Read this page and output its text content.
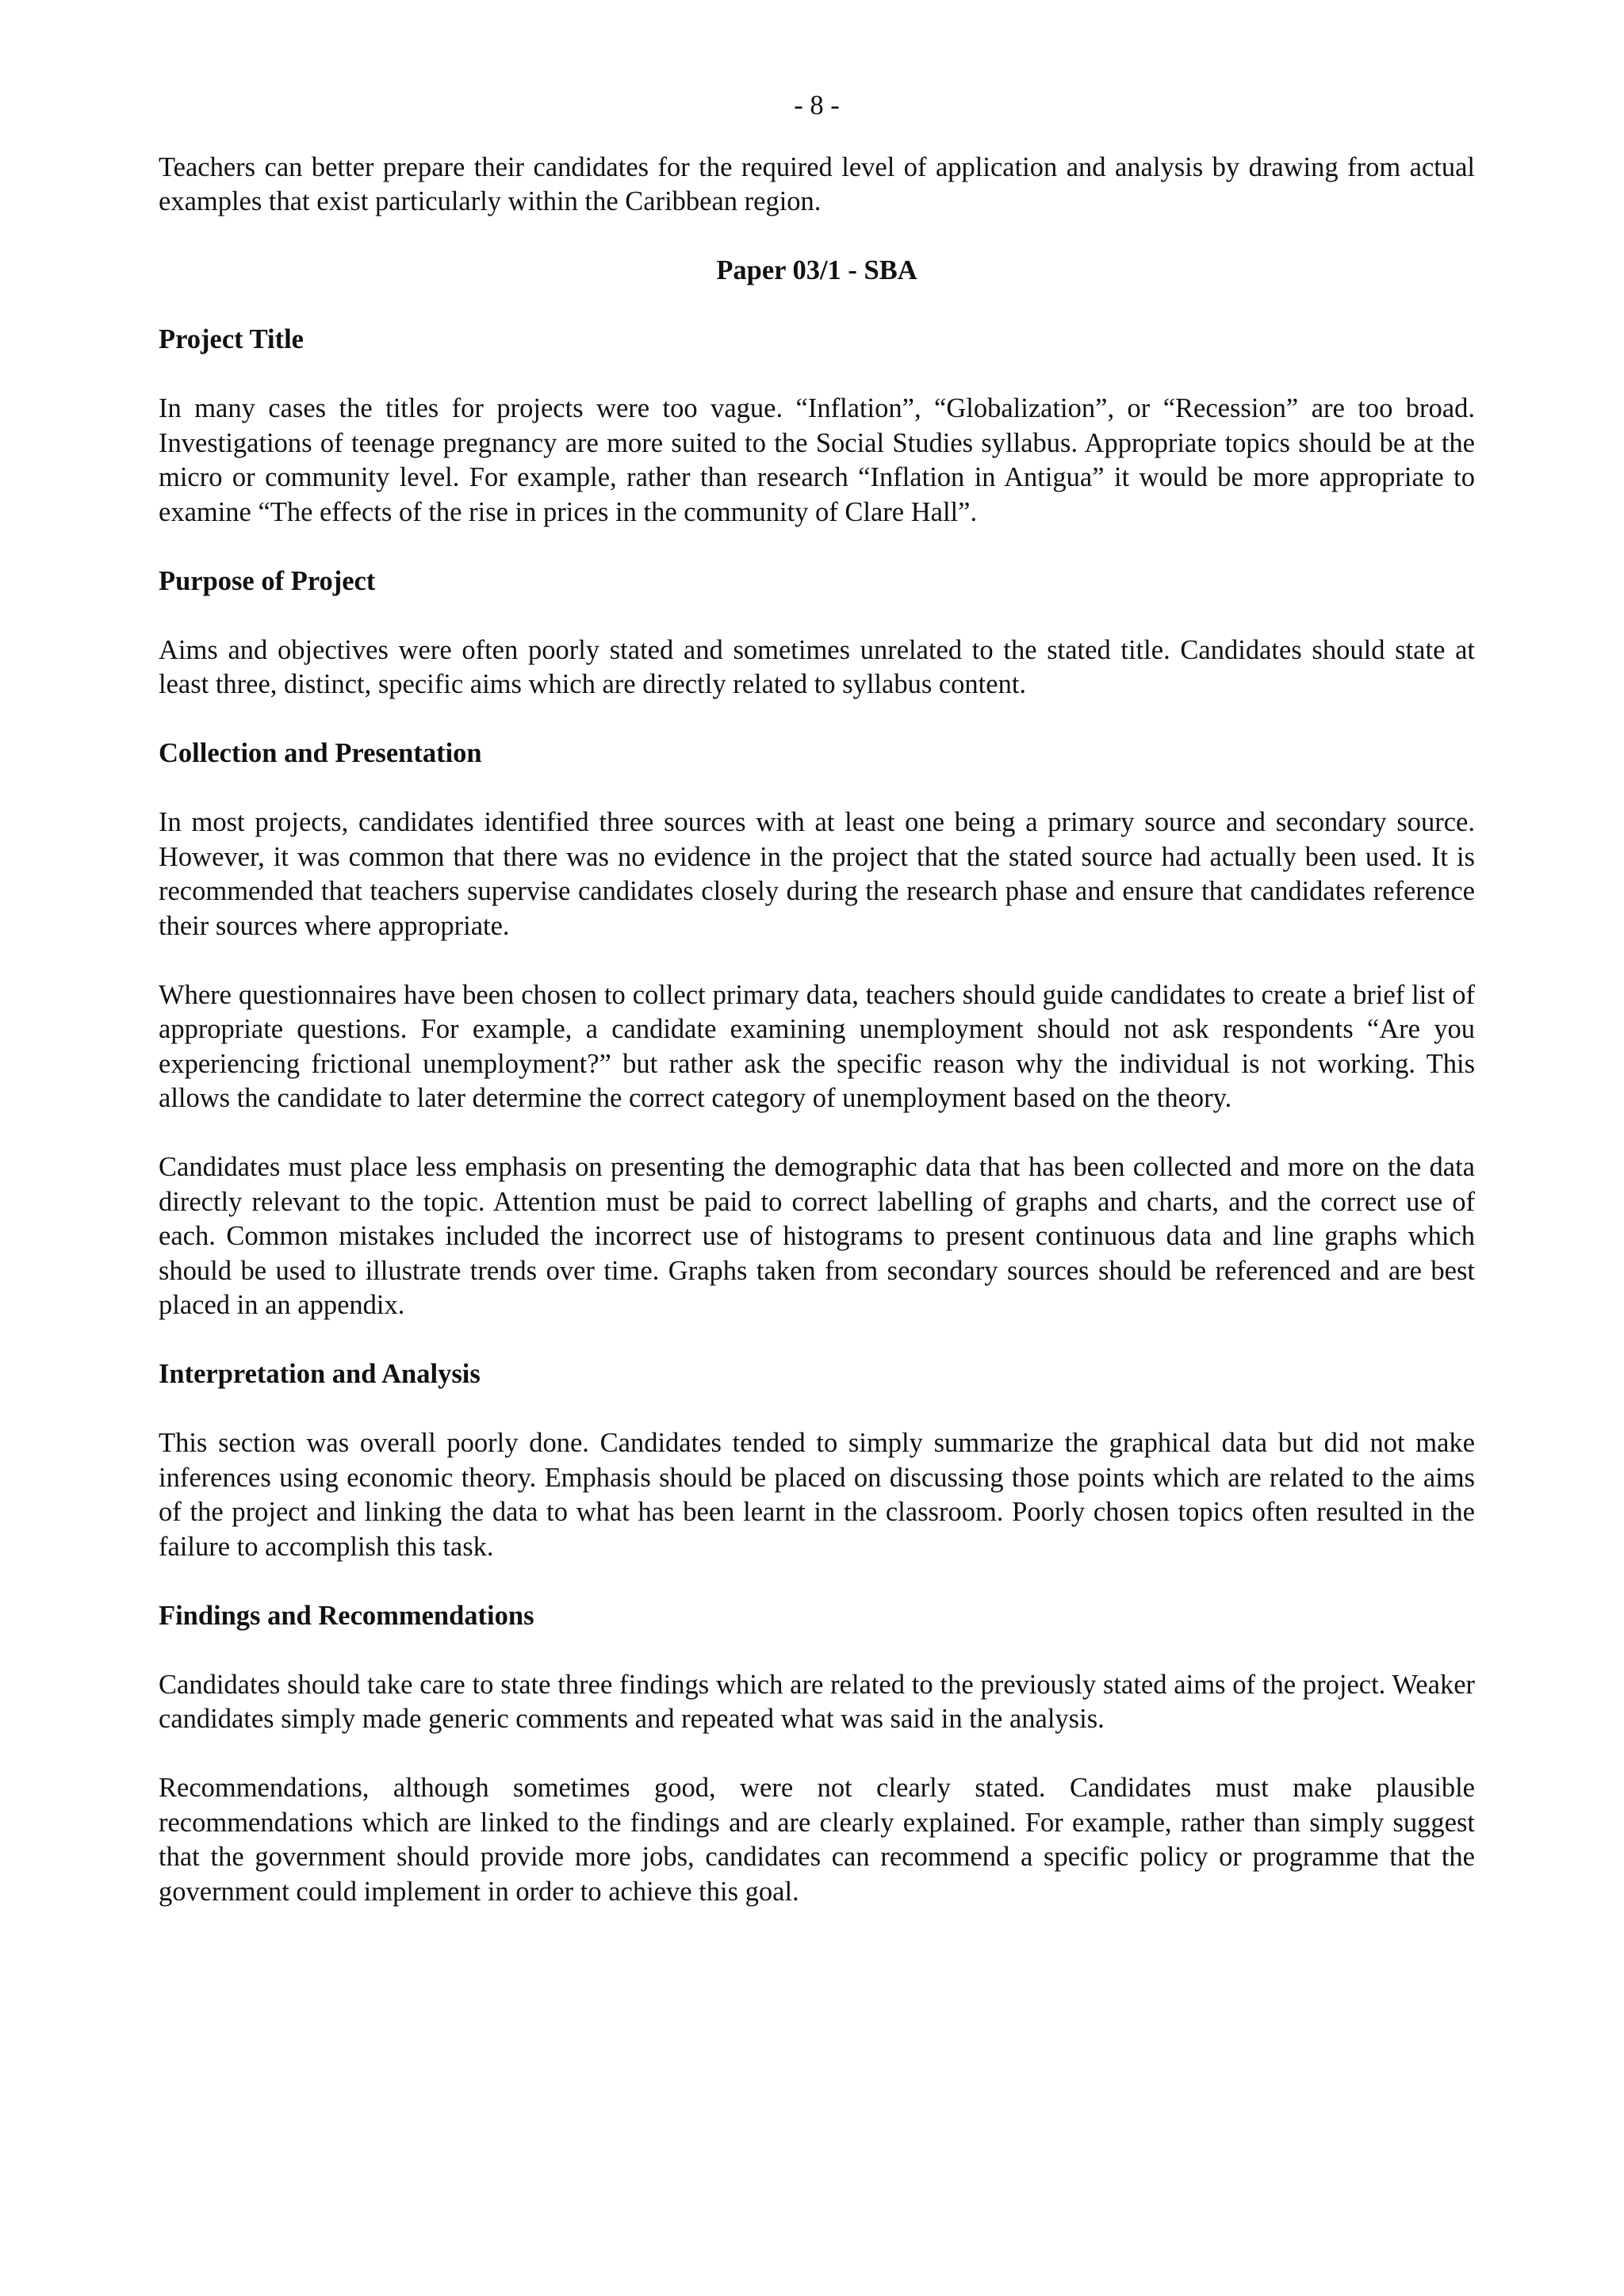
- 8 -

Teachers can better prepare their candidates for the required level of application and analysis by drawing from actual examples that exist particularly within the Caribbean region.

Paper 03/1 - SBA
Project Title

In many cases the titles for projects were too vague. “Inflation”, “Globalization”, or “Recession” are too broad. Investigations of teenage pregnancy are more suited to the Social Studies syllabus. Appropriate topics should be at the micro or community level. For example, rather than research “Inflation in Antigua” it would be more appropriate to examine “The effects of the rise in prices in the community of Clare Hall”.

Purpose of Project

Aims and objectives were often poorly stated and sometimes unrelated to the stated title. Candidates should state at least three, distinct, specific aims which are directly related to syllabus content.

Collection and Presentation

In most projects, candidates identified three sources with at least one being a primary source and secondary source. However, it was common that there was no evidence in the project that the stated source had actually been used. It is recommended that teachers supervise candidates closely during the research phase and ensure that candidates reference their sources where appropriate.

Where questionnaires have been chosen to collect primary data, teachers should guide candidates to create a brief list of appropriate questions. For example, a candidate examining unemployment should not ask respondents “Are you experiencing frictional unemployment?” but rather ask the specific reason why the individual is not working. This allows the candidate to later determine the correct category of unemployment based on the theory.

Candidates must place less emphasis on presenting the demographic data that has been collected and more on the data directly relevant to the topic. Attention must be paid to correct labelling of graphs and charts, and the correct use of each. Common mistakes included the incorrect use of histograms to present continuous data and line graphs which should be used to illustrate trends over time. Graphs taken from secondary sources should be referenced and are best placed in an appendix.

Interpretation and Analysis

This section was overall poorly done. Candidates tended to simply summarize the graphical data but did not make inferences using economic theory. Emphasis should be placed on discussing those points which are related to the aims of the project and linking the data to what has been learnt in the classroom. Poorly chosen topics often resulted in the failure to accomplish this task.

Findings and Recommendations

Candidates should take care to state three findings which are related to the previously stated aims of the project. Weaker candidates simply made generic comments and repeated what was said in the analysis.

Recommendations, although sometimes good, were not clearly stated. Candidates must make plausible recommendations which are linked to the findings and are clearly explained. For example, rather than simply suggest that the government should provide more jobs, candidates can recommend a specific policy or programme that the government could implement in order to achieve this goal.
